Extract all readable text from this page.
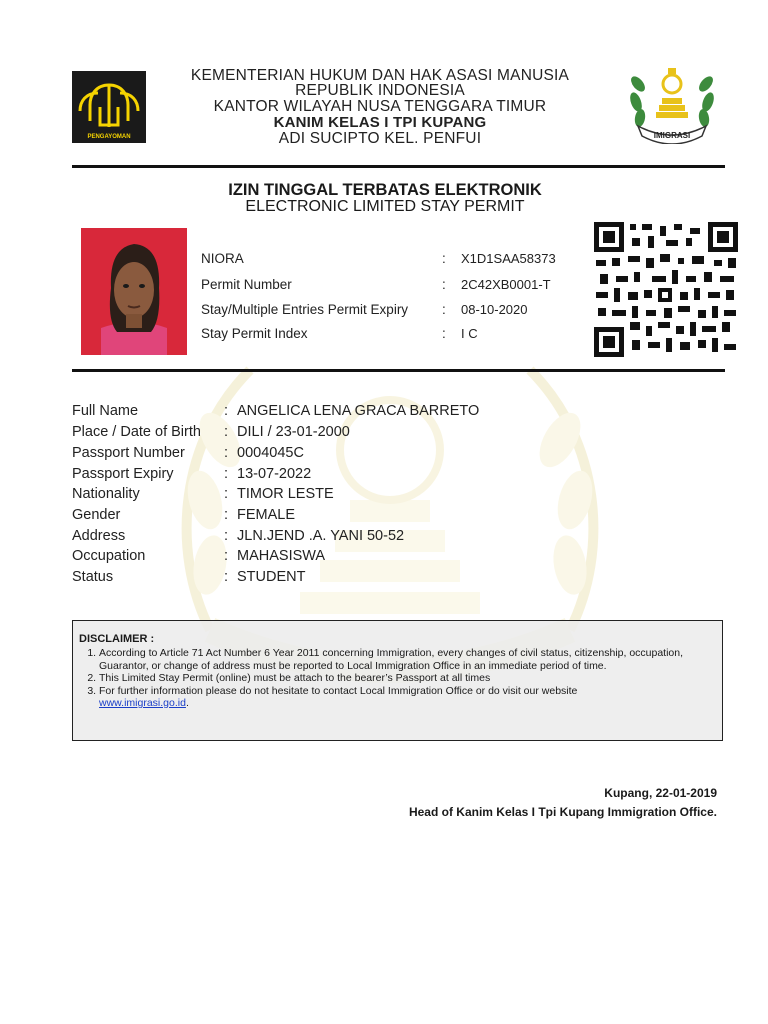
PENGAYOMAN	IMIGRASI
KEMENTERIAN HUKUM DAN HAK ASASI MANUSIA
REPUBLIK INDONESIA
KANTOR WILAYAH NUSA TENGGARA TIMUR
KANIM KELAS I TPI KUPANG
ADI SUCIPTO KEL. PENFUI
IZIN TINGGAL TERBATAS ELEKTRONIK
ELECTRONIC LIMITED STAY PERMIT
NIORA	: X1D1SAA58373
Permit Number	: 2C42XB0001-T
Stay/Multiple Entries Permit Expiry	: 08-10-2020
Stay Permit Index	: I C
Full Name	: ANGELICA LENA GRACA BARRETO
Place / Date of Birth : DILI / 23-01-2000
Passport Number	: 0004045C
Passport Expiry	: 13-07-2022
Nationality	: TIMOR LESTE
Gender	: FEMALE
Address	: JLN.JEND .A. YANI 50-52
Occupation	: MAHASISWA
Status	: STUDENT
DISCLAIMER :
1. According to Article 71 Act Number 6 Year 2011 concerning Immigration, every changes of civil status, citizenship, occupation, Guarantor, or change of address must be reported to Local Immigration Office in an immediate period of time.
2. This Limited Stay Permit (online) must be attach to the bearer’s Passport at all times
3. For further information please do not hesitate to contact Local Immigration Office or do visit our website
www.imigrasi.go.id.
Kupang, 22-01-2019
Head of Kanim Kelas I Tpi Kupang Immigration Office.
